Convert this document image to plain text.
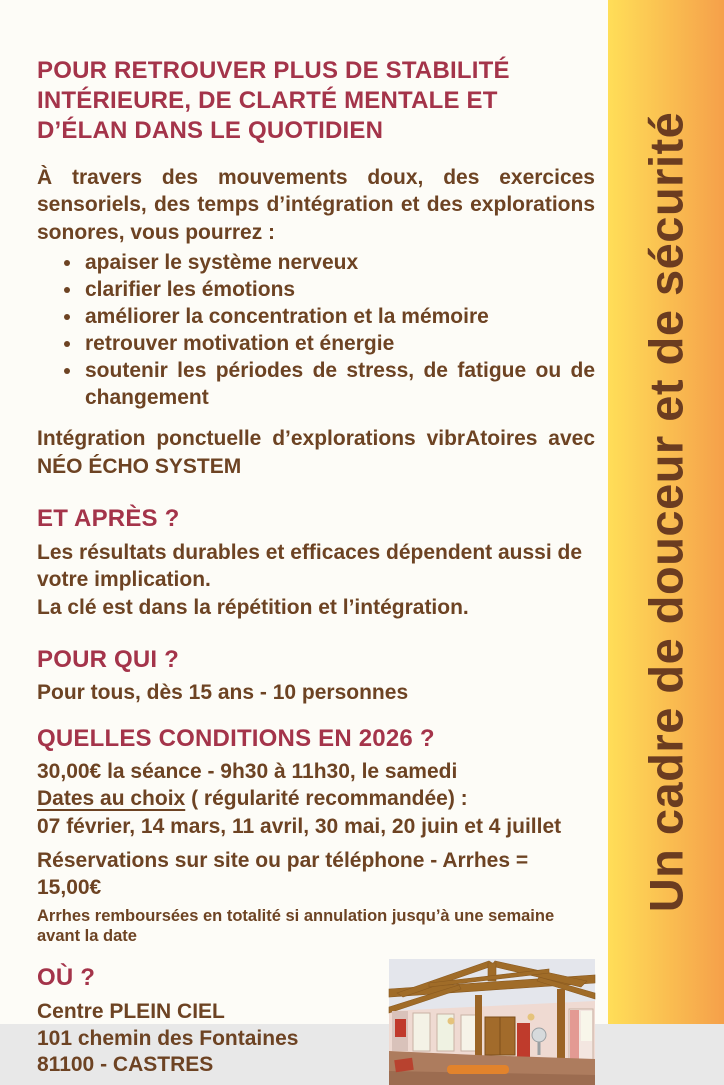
POUR RETROUVER PLUS DE STABILITÉ INTÉRIEURE, DE CLARTÉ MENTALE ET D’ÉLAN DANS LE QUOTIDIEN

À travers des mouvements doux, des exercices sensoriels, des temps d’intégration et des explorations sonores, vous pourrez :

• apaiser le système nerveux
• clarifier les émotions
• améliorer la concentration et la mémoire
• retrouver motivation et énergie
• soutenir les périodes de stress, de fatigue ou de changement

Intégration ponctuelle d’explorations vibrAtoires avec NÉO ÉCHO SYSTEM

ET APRÈS ?
Les résultats durables et efficaces dépendent aussi de votre implication.
La clé est dans la répétition et l’intégration.
POUR QUI ?
Pour tous, dès 15 ans - 10 personnes
QUELLES CONDITIONS EN 2026 ?
30,00€ la séance - 9h30 à 11h30, le samedi
Dates au choix ( régularité recommandée) :
07 février, 14 mars, 11 avril, 30 mai, 20 juin et 4 juillet
Réservations sur site ou par téléphone - Arrhes = 15,00€
Arrhes remboursées en totalité si annulation jusqu’à une semaine avant la date
OÙ ?
Centre PLEIN CIEL
101 chemin des Fontaines
81100 - CASTRES
Un cadre de douceur et de sécurité
